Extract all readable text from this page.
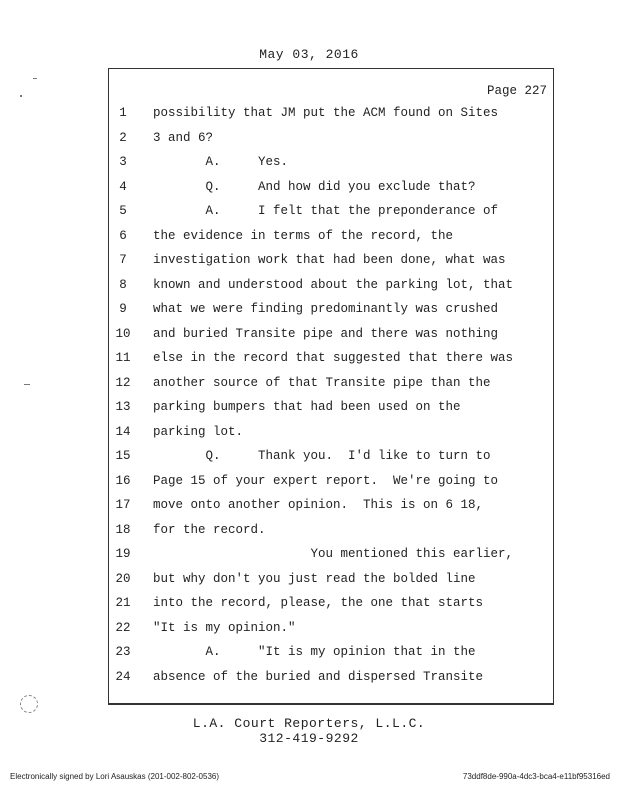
May 03, 2016
Page 227
1	possibility that JM put the ACM found on Sites
2	3 and 6?
3	A.     Yes.
4	Q.     And how did you exclude that?
5	A.     I felt that the preponderance of
6	the evidence in terms of the record, the
7	investigation work that had been done, what was
8	known and understood about the parking lot, that
9	what we were finding predominantly was crushed
10	and buried Transite pipe and there was nothing
11	else in the record that suggested that there was
12	another source of that Transite pipe than the
13	parking bumpers that had been used on the
14	parking lot.
15	Q.     Thank you.  I'd like to turn to
16	Page 15 of your expert report.  We're going to
17	move onto another opinion.  This is on 6 18,
18	for the record.
19	You mentioned this earlier,
20	but why don't you just read the bolded line
21	into the record, please, the one that starts
22	"It is my opinion."
23	A.     "It is my opinion that in the
24	absence of the buried and dispersed Transite
L.A. Court Reporters, L.L.C.
312-419-9292
Electronically signed by Lori Asauskas (201-002-802-0536)	73ddf8de-990a-4dc3-bca4-e11bf95316ed
